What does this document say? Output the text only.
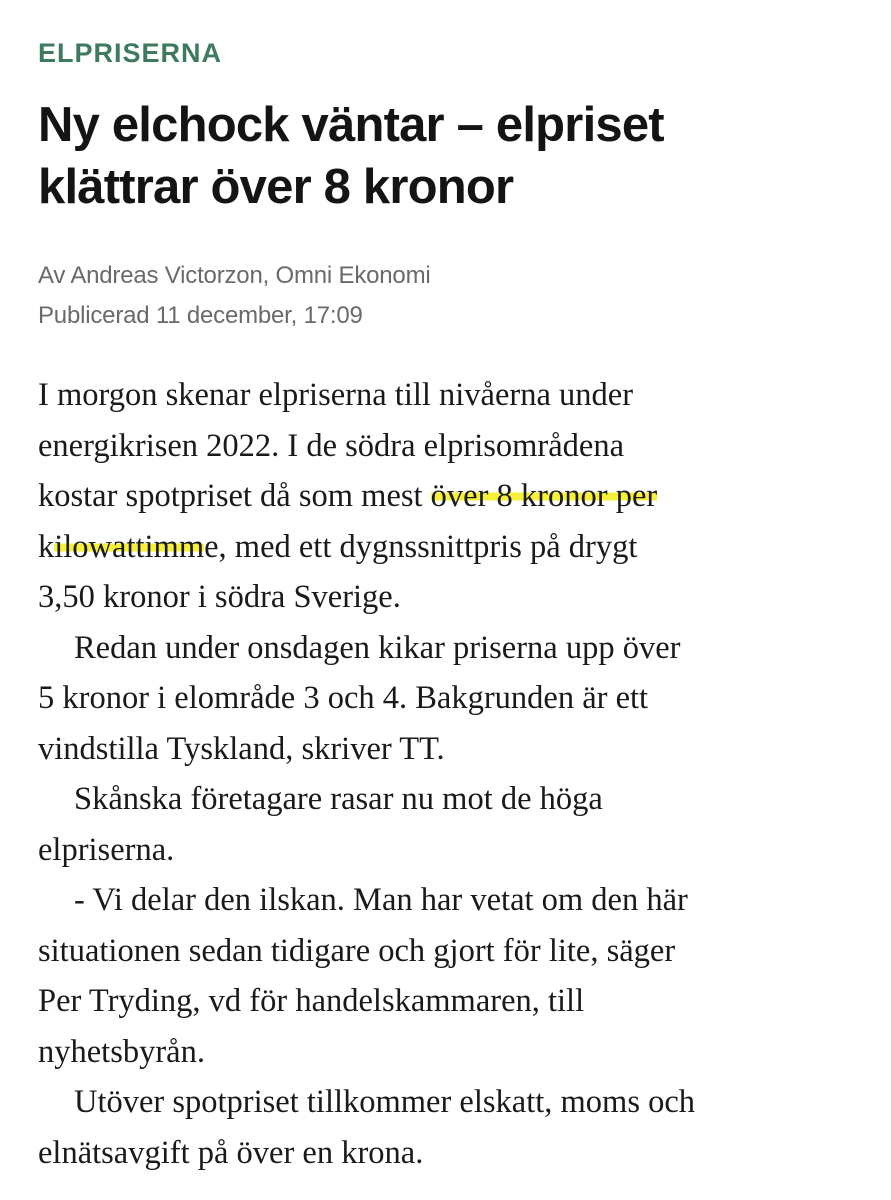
ELPRISERNA
Ny elchock väntar – elpriset
klättrar över 8 kronor
Av Andreas Victorzon, Omni Ekonomi
Publicerad 11 december, 17:09
I morgon skenar elpriserna till nivåerna under
energikrisen 2022. I de södra elprisområdena
kostar spotpriset då som mest över 8 kronor per
kilowattimme, med ett dygnssnittpris på drygt
3,50 kronor i södra Sverige.
Redan under onsdagen kikar priserna upp över
5 kronor i elområde 3 och 4. Bakgrunden är ett
vindstilla Tyskland, skriver TT.
Skånska företagare rasar nu mot de höga
elpriserna.
- Vi delar den ilskan. Man har vetat om den här
situationen sedan tidigare och gjort för lite, säger
Per Tryding, vd för handelskammaren, till
nyhetsbyrån.
Utöver spotpriset tillkommer elskatt, moms och
elnätsavgift på över en krona.
